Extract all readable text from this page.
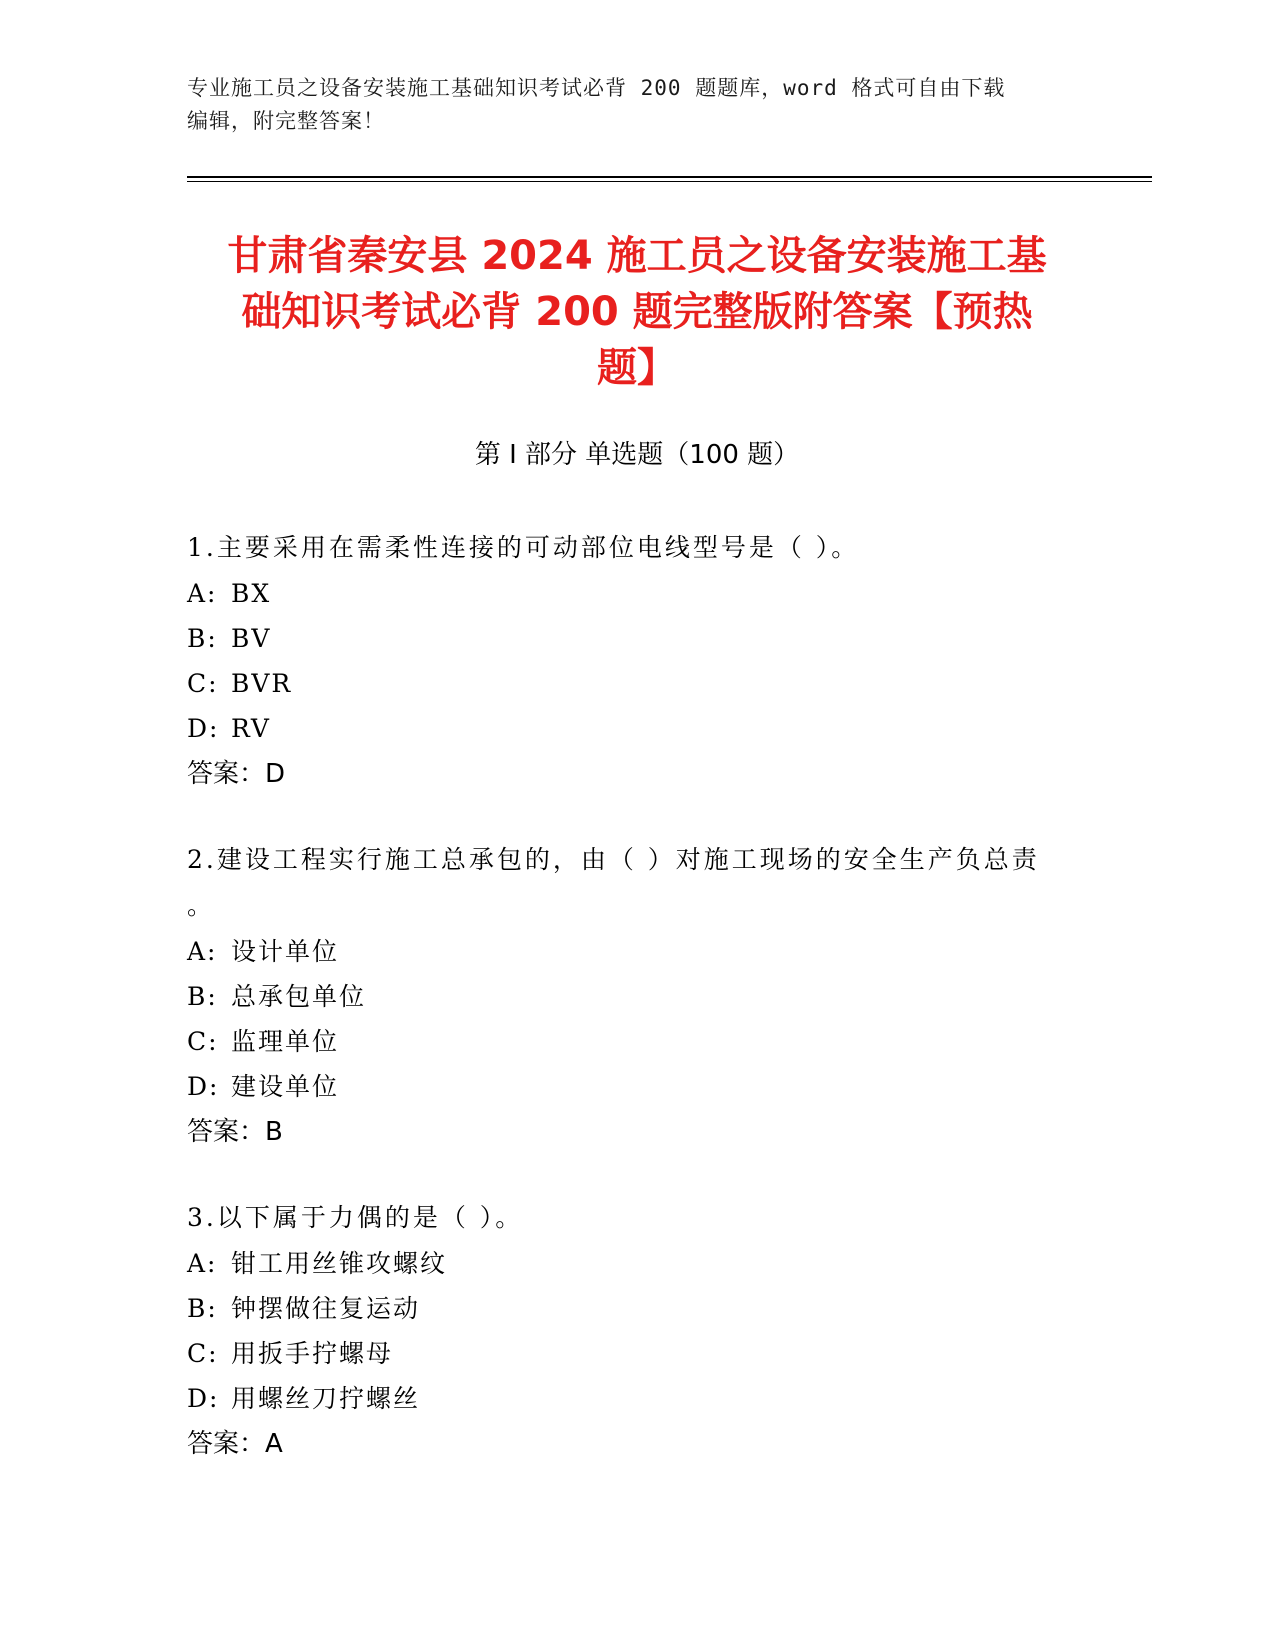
专业施工员之设备安装施工基础知识考试必背 200 题题库，word 格式可自由下载
编辑，附完整答案！
甘肃省秦安县 2024 施工员之设备安装施工基
础知识考试必背 200 题完整版附答案【预热
题】
第 I 部分 单选题（100 题）

1.主要采用在需柔性连接的可动部位电线型号是（ ）。

A: BX

B: BV

C: BVR

D: RV

答案：D

2.建设工程实行施工总承包的，由（ ）对施工现场的安全生产负总责

。

A: 设计单位

B: 总承包单位

C: 监理单位

D: 建设单位

答案：B

3.以下属于力偶的是（ ）。

A: 钳工用丝锥攻螺纹

B: 钟摆做往复运动

C: 用扳手拧螺母

D: 用螺丝刀拧螺丝

答案：A
